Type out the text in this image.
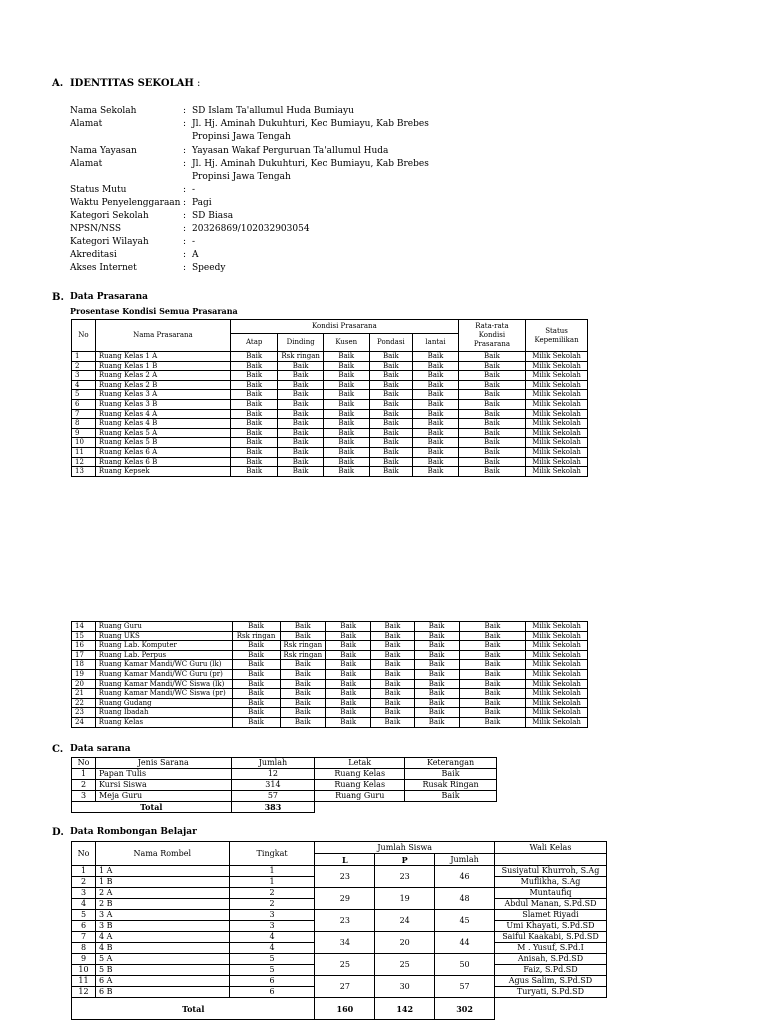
A. IDENTITAS SEKOLAH :
Nama Sekolah	: SD Islam Ta'allumul Huda Bumiayu
Alamat	: Jl. Hj. Aminah Dukuhturi, Kec Bumiayu, Kab Brebes
Propinsi Jawa Tengah
Nama Yayasan	: Yayasan Wakaf Perguruan Ta'allumul Huda
Alamat	: Jl. Hj. Aminah Dukuhturi, Kec Bumiayu, Kab Brebes
Propinsi Jawa Tengah
Status Mutu	: -
Waktu Penyelenggaraan : Pagi
Kategori Sekolah	: SD Biasa
NPSN/NSS	: 20326869/102032903054
Kategori Wilayah	: -
Akreditasi	: A
Akses Internet	: Speedy
B. Data Prasarana
Prosentase Kondisi Semua Prasarana
No	Nama Prasarana	Kondisi Prasarana					Rata-rata
Kondisi
Prasarana	Status
Kepemilikan
		Atap	Dinding	Kusen	Pondasi	lantai		
1	Ruang Kelas 1 A	Baik	Rsk ringan	Baik	Baik	Baik	Baik	Milik Sekolah
2	Ruang Kelas 1 B	Baik	Baik	Baik	Baik	Baik	Baik	Milik Sekolah
3	Ruang Kelas 2 A	Baik	Baik	Baik	Baik	Baik	Baik	Milik Sekolah
4	Ruang Kelas 2 B	Baik	Baik	Baik	Baik	Baik	Baik	Milik Sekolah
5	Ruang Kelas 3 A	Baik	Baik	Baik	Baik	Baik	Baik	Milik Sekolah
6	Ruang Kelas 3 B	Baik	Baik	Baik	Baik	Baik	Baik	Milik Sekolah
7	Ruang Kelas 4 A	Baik	Baik	Baik	Baik	Baik	Baik	Milik Sekolah
8	Ruang Kelas 4 B	Baik	Baik	Baik	Baik	Baik	Baik	Milik Sekolah
9	Ruang Kelas 5 A	Baik	Baik	Baik	Baik	Baik	Baik	Milik Sekolah
10	Ruang Kelas 5 B	Baik	Baik	Baik	Baik	Baik	Baik	Milik Sekolah
11	Ruang Kelas 6 A	Baik	Baik	Baik	Baik	Baik	Baik	Milik Sekolah
12	Ruang Kelas 6 B	Baik	Baik	Baik	Baik	Baik	Baik	Milik Sekolah
13	Ruang Kepsek	Baik	Baik	Baik	Baik	Baik	Baik	Milik Sekolah
14	Ruang Guru	Baik	Baik	Baik	Baik	Baik	Baik	Milik Sekolah
15	Ruang UKS	Rsk ringan	Baik	Baik	Baik	Baik	Baik	Milik Sekolah
16	Ruang Lab. Komputer	Baik	Rsk ringan	Baik	Baik	Baik	Baik	Milik Sekolah
17	Ruang Lab. Perpus	Baik	Rsk ringan	Baik	Baik	Baik	Baik	Milik Sekolah
18	Ruang Kamar Mandi/WC Guru (lk)	Baik	Baik	Baik	Baik	Baik	Baik	Milik Sekolah
19	Ruang Kamar Mandi/WC Guru (pr)	Baik	Baik	Baik	Baik	Baik	Baik	Milik Sekolah
20	Ruang Kamar Mandi/WC Siswa (lk)	Baik	Baik	Baik	Baik	Baik	Baik	Milik Sekolah
21	Ruang Kamar Mandi/WC Siswa (pr)	Baik	Baik	Baik	Baik	Baik	Baik	Milik Sekolah
22	Ruang Gudang	Baik	Baik	Baik	Baik	Baik	Baik	Milik Sekolah
23	Ruang Ibadah	Baik	Baik	Baik	Baik	Baik	Baik	Milik Sekolah
24	Ruang Kelas	Baik	Baik	Baik	Baik	Baik	Baik	Milik Sekolah
C. Data sarana
No	Jenis Sarana	Jumlah	Letak	Keterangan
1	Papan Tulis	12	Ruang Kelas	Baik
2	Kursi Siswa	314	Ruang Kelas	Rusak Ringan
3	Meja Guru	57	Ruang Guru	Baik
Total		383		
D. Data Rombongan Belajar
No	Nama Rombel	Tingkat	Jumlah Siswa			Wali Kelas
			L	P	Jumlah	
1	1 A	1	23	23	46	Susiyatul Khurroh, S.Ag
2	1 B	1				Muflikha, S.Ag
3	2 A	2	29	19	48	Muntaufiq
4	2 B	2				Abdul Manan, S.Pd.SD
5	3 A	3	23	24	45	Slamet Riyadi
6	3 B	3				Umi Khayati, S.Pd.SD
7	4 A	4	34	20	44	Saiful Kaakabi, S.Pd.SD
8	4 B	4				M . Yusuf, S.Pd.I
9	5 A	5	25	25	50	Anisah, S.Pd.SD
10	5 B	5				Faiz, S.Pd.SD
11	6 A	6	27	30	57	Agus Salim, S.Pd.SD
12	6 B	6				Turyati, S.Pd.SD
Total			160	142	302	
